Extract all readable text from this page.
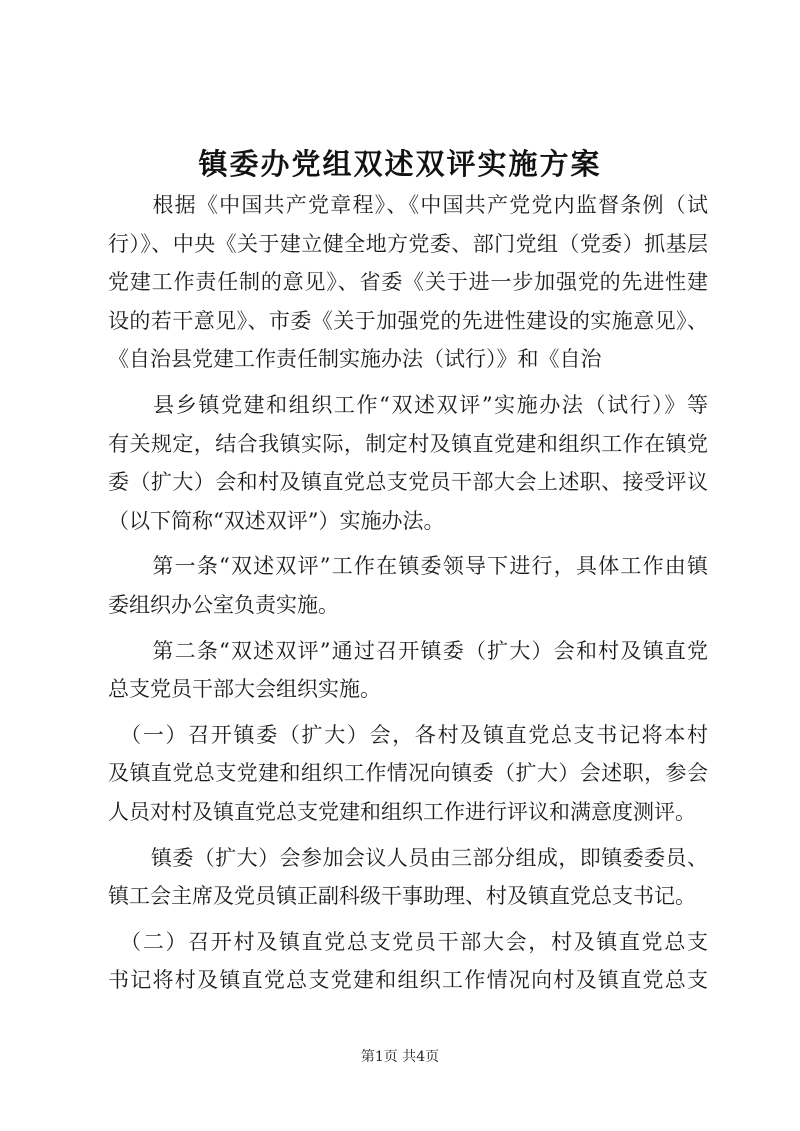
镇委办党组双述双评实施方案
　　根据《中国共产党章程》、《中国共产党党内监督条例（试
行）》、中央《关于建立健全地方党委、部门党组（党委）抓基层
党建工作责任制的意见》、省委《关于进一步加强党的先进性建
设的若干意见》、市委《关于加强党的先进性建设的实施意见》、
《自治县党建工作责任制实施办法（试行）》和《自治
　　县乡镇党建和组织工作“双述双评”实施办法（试行）》等
有关规定，结合我镇实际，制定村及镇直党建和组织工作在镇党
委（扩大）会和村及镇直党总支党员干部大会上述职、接受评议
（以下简称“双述双评”）实施办法。
　　第一条“双述双评”工作在镇委领导下进行，具体工作由镇
委组织办公室负责实施。
　　第二条“双述双评”通过召开镇委（扩大）会和村及镇直党
总支党员干部大会组织实施。
　（一）召开镇委（扩大）会，各村及镇直党总支书记将本村
及镇直党总支党建和组织工作情况向镇委（扩大）会述职，参会
人员对村及镇直党总支党建和组织工作进行评议和满意度测评。
　　镇委（扩大）会参加会议人员由三部分组成，即镇委委员、
镇工会主席及党员镇正副科级干事助理、村及镇直党总支书记。
　（二）召开村及镇直党总支党员干部大会，村及镇直党总支
书记将村及镇直党总支党建和组织工作情况向村及镇直党总支
第1页 共4页
